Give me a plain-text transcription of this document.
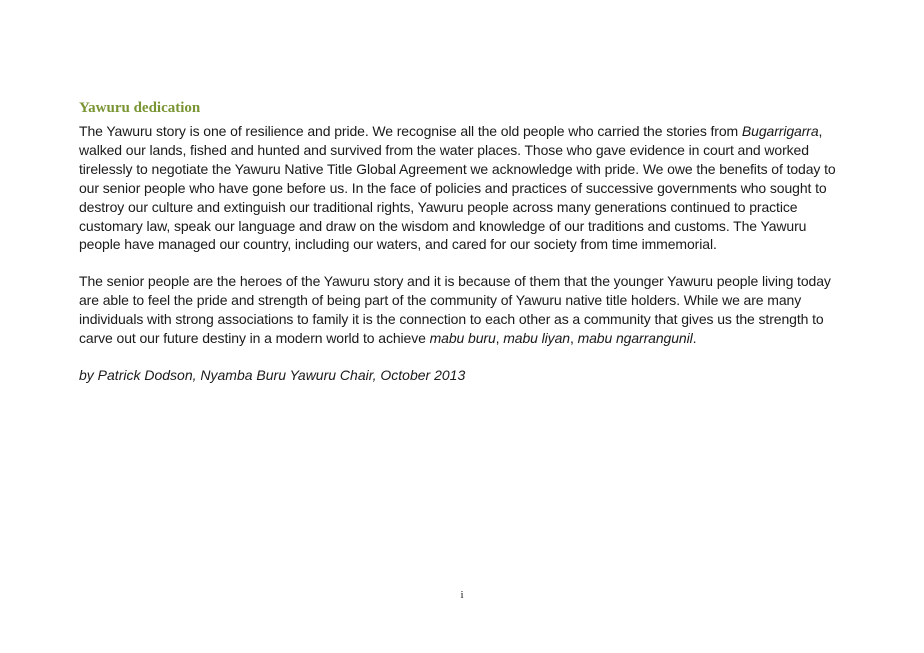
Yawuru dedication

The Yawuru story is one of resilience and pride. We recognise all the old people who carried the stories from Bugarrigarra, walked our lands, fished and hunted and survived from the water places. Those who gave evidence in court and worked tirelessly to negotiate the Yawuru Native Title Global Agreement we acknowledge with pride. We owe the benefits of today to our senior people who have gone before us. In the face of policies and practices of successive governments who sought to destroy our culture and extinguish our traditional rights, Yawuru people across many generations continued to practice customary law, speak our language and draw on the wisdom and knowledge of our traditions and customs. The Yawuru people have managed our country, including our waters, and cared for our society from time immemorial.

The senior people are the heroes of the Yawuru story and it is because of them that the younger Yawuru people living today are able to feel the pride and strength of being part of the community of Yawuru native title holders. While we are many individuals with strong associations to family it is the connection to each other as a community that gives us the strength to carve out our future destiny in a modern world to achieve mabu buru, mabu liyan, mabu ngarrangunil.

by Patrick Dodson, Nyamba Buru Yawuru Chair, October 2013

i
